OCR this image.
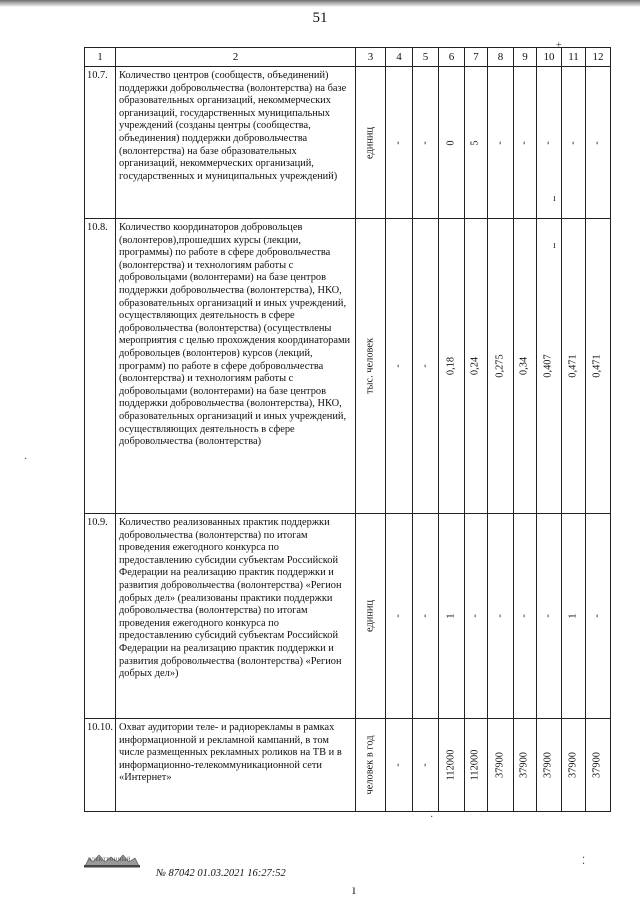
51
1	2	3	4	5	6	7	8	9	10	11	12
10.7.	Количество центров (сообществ, объединений) поддержки добровольчества (волонтерства) на базе образовательных организаций, некоммерческих организаций, государственных муниципальных учреждений (созданы центры (сообщества, объединения) поддержки добровольчества (волонтерства) на базе образовательных организаций, некоммерческих организаций, государственных и муниципальных учреждений)	единиц	-	-	0	5	-	-	-	-	-

10.8.	Количество координаторов добровольцев (волонтеров),прошедших курсы (лекции, программы) по работе в сфере добровольчества (волонтерства) и технологиям работы с добровольцами (волонтерами) на базе центров поддержки добровольчества (волонтерства), НКО, образовательных организаций и иных учреждений, осуществляющих деятельность в сфере добровольчества (волонтерства) (осуществлены мероприятия с целью прохождения координаторами добровольцев (волонтеров) курсов (лекций, программ) по работе в сфере добровольчества (волонтерства) и технологиям работы с добровольцами (волонтерами) на базе центров поддержки добровольчества (волонтерства), НКО, образовательных организаций и иных учреждений, осуществляющих деятельность в сфере добровольчества (волонтерства)	тыс. человек	-	-	0,18	0,24	0,275	0,34	0,407	0,471	0,471

10.9.	Количество реализованных практик поддержки добровольчества (волонтерства) по итогам проведения ежегодного конкурса по предоставлению субсидии субъектам Российской Федерации на реализацию практик поддержки и развития добровольчества (волонтерства) «Регион добрых дел» (реализованы практики поддержки добровольчества (волонтерства) по итогам проведения ежегодного конкурса по предоставлению субсидий субъектам Российской Федерации на реализацию практик поддержки и развития добровольчества (волонтерства) «Регион добрых дел»)	единиц	-	-	1	-	-	-	-	1	-

10.10.	Охват аудитории теле- и радиорекламы в рамках информационной и рекламной кампаний, в том числе размещенных рекламных роликов на ТВ и в информационно-телекоммуникационной сети «Интернет»	человек в год	-	-	112000	112000	37900	37900	37900	37900	37900
+
ı
ı
·
·
⁚
ı
ЭЛЕКТРОННЫЙ
№ 87042 01.03.2021 16:27:52
